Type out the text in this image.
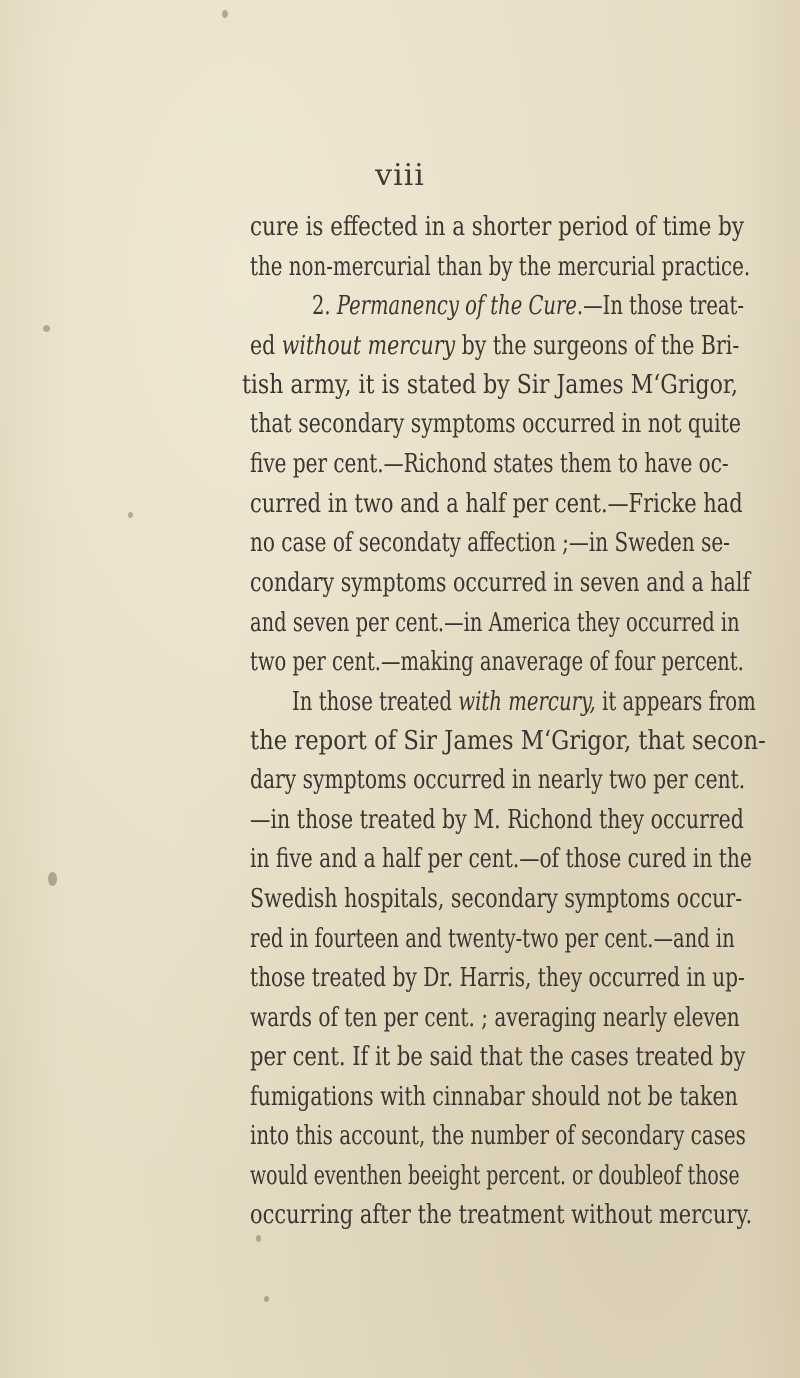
viii
cure is effected in a shorter period of time by
the non-mercurial than by the mercurial practice.
2. Permanency of the Cure.—In those treat-
ed without mercury by the surgeons of the Bri-
tish army, it is stated by Sir James M‘Grigor,
that secondary symptoms occurred in not quite
five per cent.—Richond states them to have oc-
curred in two and a half per cent.—Fricke had
no case of secondaty affection ;—in Sweden se-
condary symptoms occurred in seven and a half
and seven per cent.—in America they occurred in
two per cent.—making anaverage of four percent.
In those treated with mercury, it appears from
the report of Sir James M‘Grigor, that secon-
dary symptoms occurred in nearly two per cent.
—in those treated by M. Richond they occurred
in five and a half per cent.—of those cured in the
Swedish hospitals, secondary symptoms occur-
red in fourteen and twenty-two per cent.—and in
those treated by Dr. Harris, they occurred in up-
wards of ten per cent. ; averaging nearly eleven
per cent. If it be said that the cases treated by
fumigations with cinnabar should not be taken
into this account, the number of secondary cases
would eventhen beeight percent. or doubleof those
occurring after the treatment without mercury.
